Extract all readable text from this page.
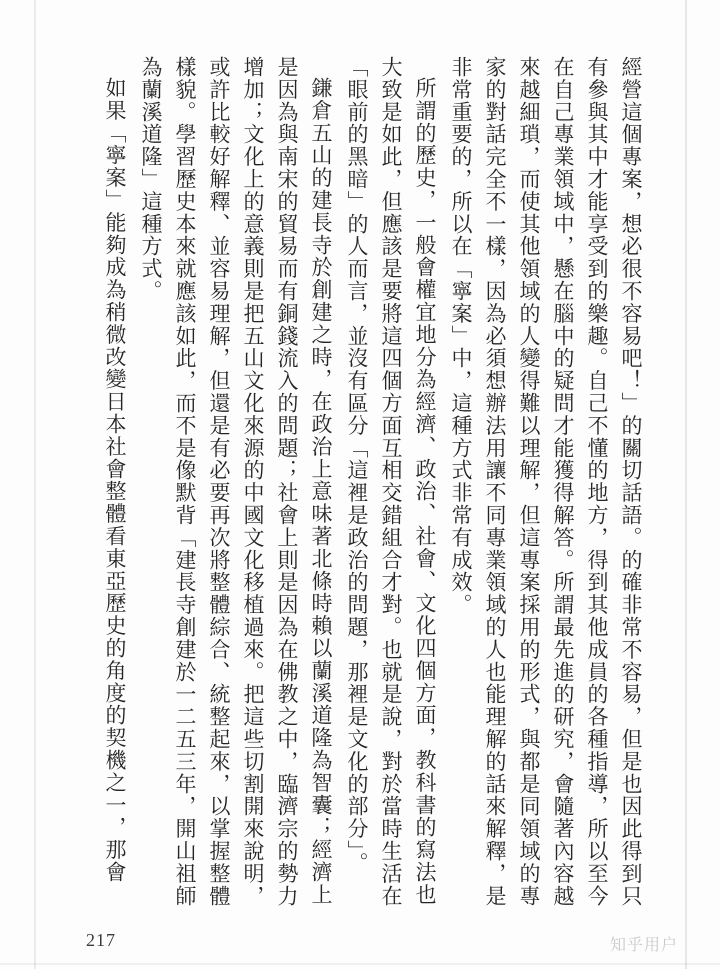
經營這個專案，想必很不容易吧！」的關切話語。的確非常不容易，但是也因此得到只有參與其中才能享受到的樂趣。自己不懂的地方，得到其他成員的各種指導，所以至今在自己專業領域中，懸在腦中的疑問才能獲得解答。所謂最先進的研究，會隨著內容越來越細瑣，而使其他領域的人變得難以理解，但這專案採用的形式，與都是同領域的專家的對話完全不一樣，因為必須想辦法用讓不同專業領域的人也能理解的話來解釋，是非常重要的，所以在「寧案」中，這種方式非常有成效。

所謂的歷史，一般會權宜地分為經濟、政治、社會、文化四個方面，教科書的寫法也大致是如此，但應該是要將這四個方面互相交錯組合才對。也就是說，對於當時生活在「眼前的黑暗」的人而言，並沒有區分「這裡是政治的問題，那裡是文化的部分」。

鎌倉五山的建長寺於創建之時，在政治上意味著北條時賴以蘭溪道隆為智囊；經濟上是因為與南宋的貿易而有銅錢流入的問題；社會上則是因為在佛教之中，臨濟宗的勢力增加；文化上的意義則是把五山文化來源的中國文化移植過來。把這些切割開來說明，或許比較好解釋、並容易理解，但還是有必要再次將整體綜合、統整起來，以掌握整體樣貌。學習歷史本來就應該如此，而不是像默背「建長寺創建於一二五三年，開山祖師為蘭溪道隆」這種方式。

如果「寧案」能夠成為稍微改變日本社會整體看東亞歷史的角度的契機之一，那會

217	知乎用户
